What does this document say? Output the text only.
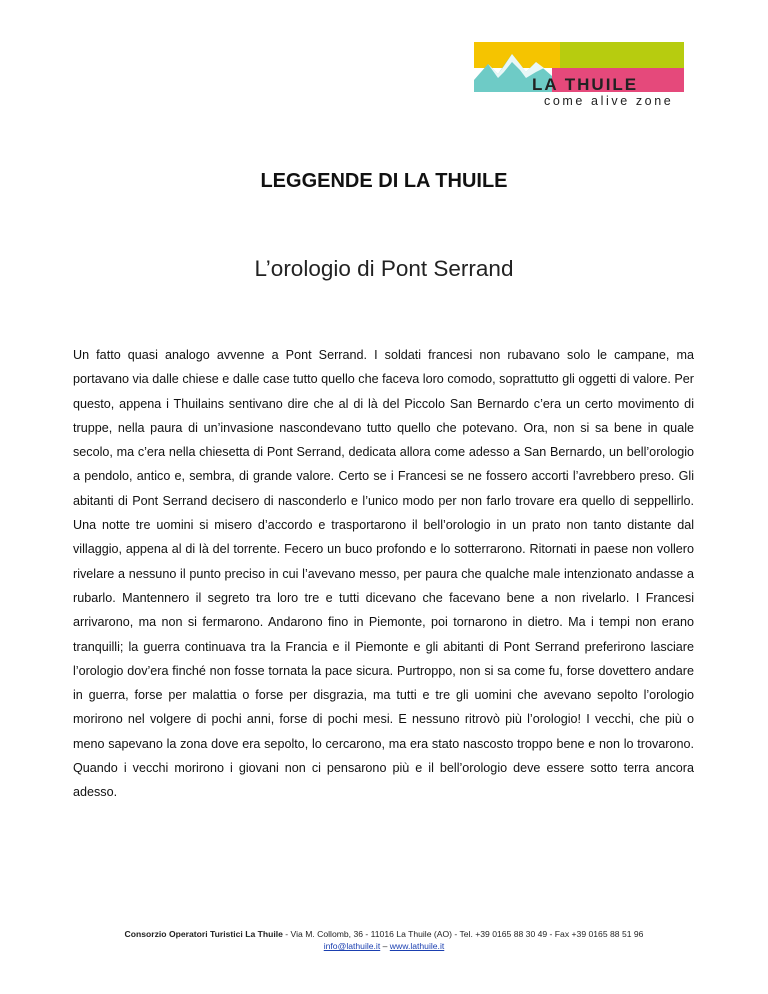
LA THUILE
come alive zone
LEGGENDE DI LA THUILE
L’orologio di Pont Serrand

Un fatto quasi analogo avvenne a Pont Serrand. I soldati francesi non rubavano solo le campane, ma portavano via dalle chiese e dalle case tutto quello che faceva loro comodo, soprattutto gli oggetti di valore. Per questo, appena i Thuilains sentivano dire che al di là del Piccolo San Bernardo c’era un certo movimento di truppe, nella paura di un’invasione nascondevano tutto quello che potevano. Ora, non si sa bene in quale secolo, ma c’era nella chiesetta di Pont Serrand, dedicata allora come adesso a San Bernardo, un bell’orologio a pendolo, antico e, sembra, di grande valore. Certo se i Francesi se ne fossero accorti l’avrebbero preso. Gli abitanti di Pont Serrand decisero di nasconderlo e l’unico modo per non farlo trovare era quello di seppellirlo. Una notte tre uomini si misero d’accordo e trasportarono il bell’orologio in un prato non tanto distante dal villaggio, appena al di là del torrente. Fecero un buco profondo e lo sotterrarono. Ritornati in paese non vollero rivelare a nessuno il punto preciso in cui l’avevano messo, per paura che qualche male intenzionato andasse a rubarlo. Mantennero il segreto tra loro tre e tutti dicevano che facevano bene a non rivelarlo. I Francesi arrivarono, ma non si fermarono. Andarono fino in Piemonte, poi tornarono in dietro. Ma i tempi non erano tranquilli; la guerra continuava tra la Francia e il Piemonte e gli abitanti di Pont Serrand preferirono lasciare l’orologio dov’era finché non fosse tornata la pace sicura. Purtroppo, non si sa come fu, forse dovettero andare in guerra, forse per malattia o forse per disgrazia, ma tutti e tre gli uomini che avevano sepolto l’orologio morirono nel volgere di pochi anni, forse di pochi mesi. E nessuno ritrovò più l’orologio! I vecchi, che più o meno sapevano la zona dove era sepolto, lo cercarono, ma era stato nascosto troppo bene e non lo trovarono. Quando i vecchi morirono i giovani non ci pensarono più e il bell’orologio deve essere sotto terra ancora adesso.

Consorzio Operatori Turistici La Thuile - Via M. Collomb, 36 - 11016 La Thuile (AO) - Tel. +39 0165 88 30 49 - Fax +39 0165 88 51 96
info@lathuile.it – www.lathuile.it
